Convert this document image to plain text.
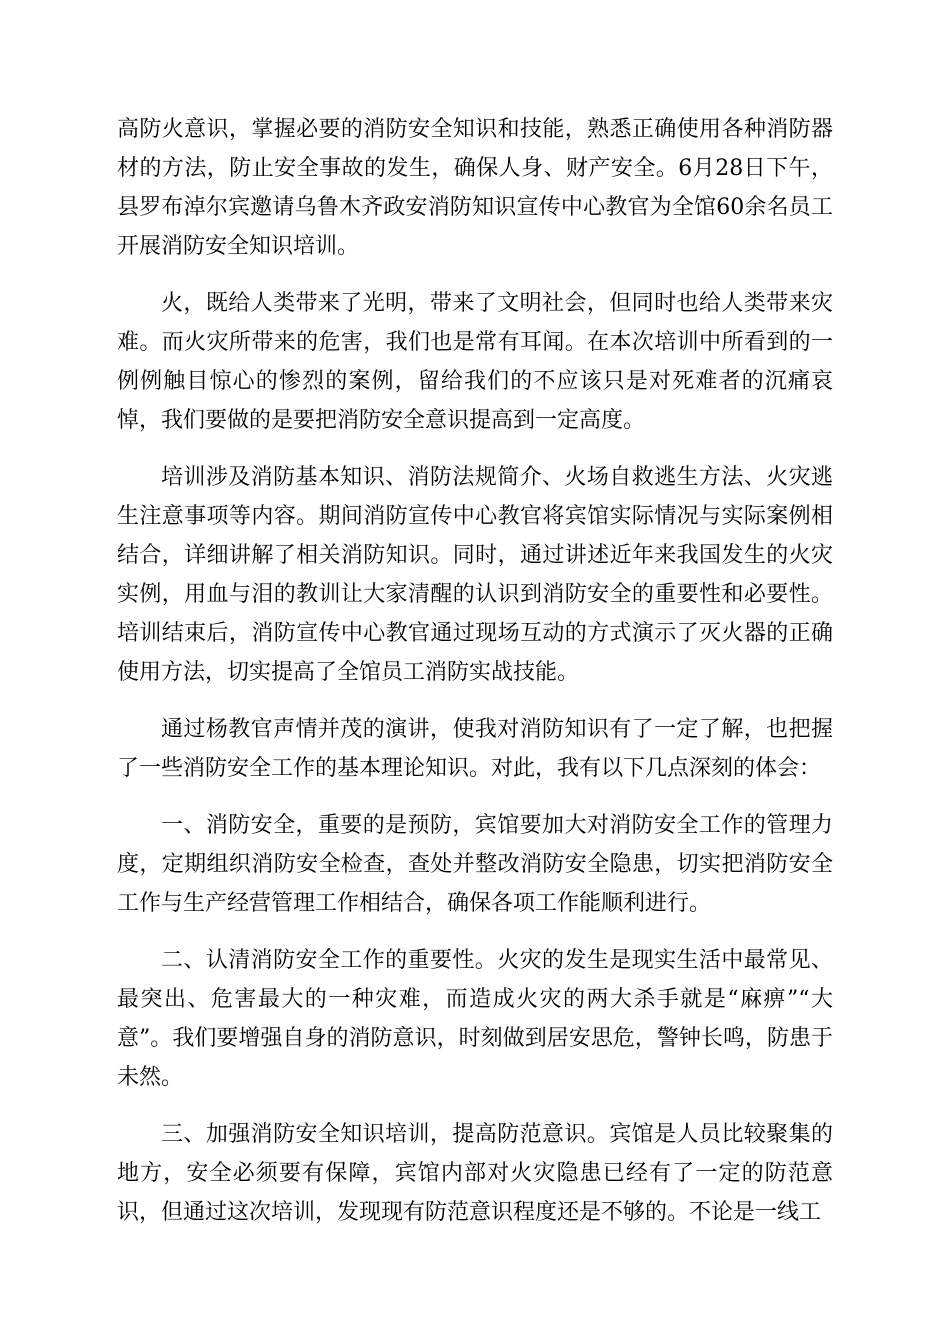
高防火意识，掌握必要的消防安全知识和技能，熟悉正确使用各种消防器材的方法，防止安全事故的发生，确保人身、财产安全。6月28日下午，县罗布淖尔宾邀请乌鲁木齐政安消防知识宣传中心教官为全馆60余名员工开展消防安全知识培训。

火，既给人类带来了光明，带来了文明社会，但同时也给人类带来灾难。而火灾所带来的危害，我们也是常有耳闻。在本次培训中所看到的一例例触目惊心的惨烈的案例，留给我们的不应该只是对死难者的沉痛哀悼，我们要做的是要把消防安全意识提高到一定高度。

培训涉及消防基本知识、消防法规简介、火场自救逃生方法、火灾逃生注意事项等内容。期间消防宣传中心教官将宾馆实际情况与实际案例相结合，详细讲解了相关消防知识。同时，通过讲述近年来我国发生的火灾实例，用血与泪的教训让大家清醒的认识到消防安全的重要性和必要性。培训结束后，消防宣传中心教官通过现场互动的方式演示了灭火器的正确使用方法，切实提高了全馆员工消防实战技能。

通过杨教官声情并茂的演讲，使我对消防知识有了一定了解，也把握了一些消防安全工作的基本理论知识。对此，我有以下几点深刻的体会：

一、消防安全，重要的是预防，宾馆要加大对消防安全工作的管理力度，定期组织消防安全检查，查处并整改消防安全隐患，切实把消防安全工作与生产经营管理工作相结合，确保各项工作能顺利进行。

二、认清消防安全工作的重要性。火灾的发生是现实生活中最常见、最突出、危害最大的一种灾难，而造成火灾的两大杀手就是“麻痹”“大意”。我们要增强自身的消防意识，时刻做到居安思危，警钟长鸣，防患于未然。

三、加强消防安全知识培训，提高防范意识。宾馆是人员比较聚集的地方，安全必须要有保障，宾馆内部对火灾隐患已经有了一定的防范意识，但通过这次培训，发现现有防范意识程度还是不够的。不论是一线工
